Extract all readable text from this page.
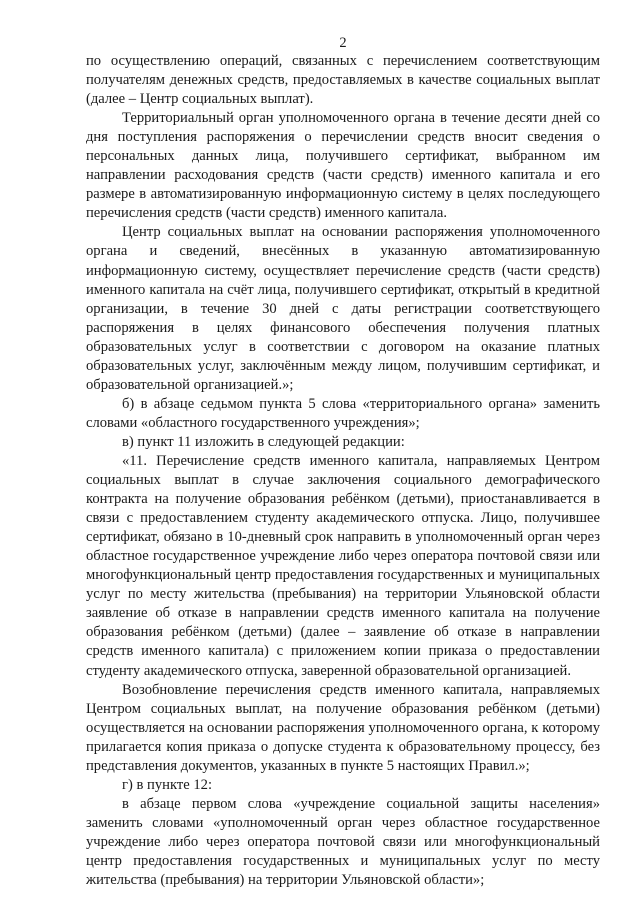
2

по осуществлению операций, связанных с перечислением соответствующим получателям денежных средств, предоставляемых в качестве социальных выплат (далее – Центр социальных выплат).

Территориальный орган уполномоченного органа в течение десяти дней со дня поступления распоряжения о перечислении средств вносит сведения о персональных данных лица, получившего сертификат, выбранном им направлении расходования средств (части средств) именного капитала и его размере в автоматизированную информационную систему в целях последующего перечисления средств (части средств) именного капитала.

Центр социальных выплат на основании распоряжения уполномоченного органа и сведений, внесённых в указанную автоматизированную информационную систему, осуществляет перечисление средств (части средств) именного капитала на счёт лица, получившего сертификат, открытый в кредитной организации, в течение 30 дней с даты регистрации соответствующего распоряжения в целях финансового обеспечения получения платных образовательных услуг в соответствии с договором на оказание платных образовательных услуг, заключённым между лицом, получившим сертификат, и образовательной организацией.»;

б) в абзаце седьмом пункта 5 слова «территориального органа» заменить словами «областного государственного учреждения»;

в) пункт 11 изложить в следующей редакции:

«11. Перечисление средств именного капитала, направляемых Центром социальных выплат в случае заключения социального демографического контракта на получение образования ребёнком (детьми), приостанавливается в связи с предоставлением студенту академического отпуска. Лицо, получившее сертификат, обязано в 10-дневный срок направить в уполномоченный орган через областное государственное учреждение либо через оператора почтовой связи или многофункциональный центр предоставления государственных и муниципальных услуг по месту жительства (пребывания) на территории Ульяновской области заявление об отказе в направлении средств именного капитала на получение образования ребёнком (детьми) (далее – заявление об отказе в направлении средств именного капитала) с приложением копии приказа о предоставлении студенту академического отпуска, заверенной образовательной организацией.

Возобновление перечисления средств именного капитала, направляемых Центром социальных выплат, на получение образования ребёнком (детьми) осуществляется на основании распоряжения уполномоченного органа, к которому прилагается копия приказа о допуске студента к образовательному процессу, без представления документов, указанных в пункте 5 настоящих Правил.»;

г) в пункте 12:

в абзаце первом слова «учреждение социальной защиты населения» заменить словами «уполномоченный орган через областное государственное учреждение либо через оператора почтовой связи или многофункциональный центр предоставления государственных и муниципальных услуг по месту жительства (пребывания) на территории Ульяновской области»;
